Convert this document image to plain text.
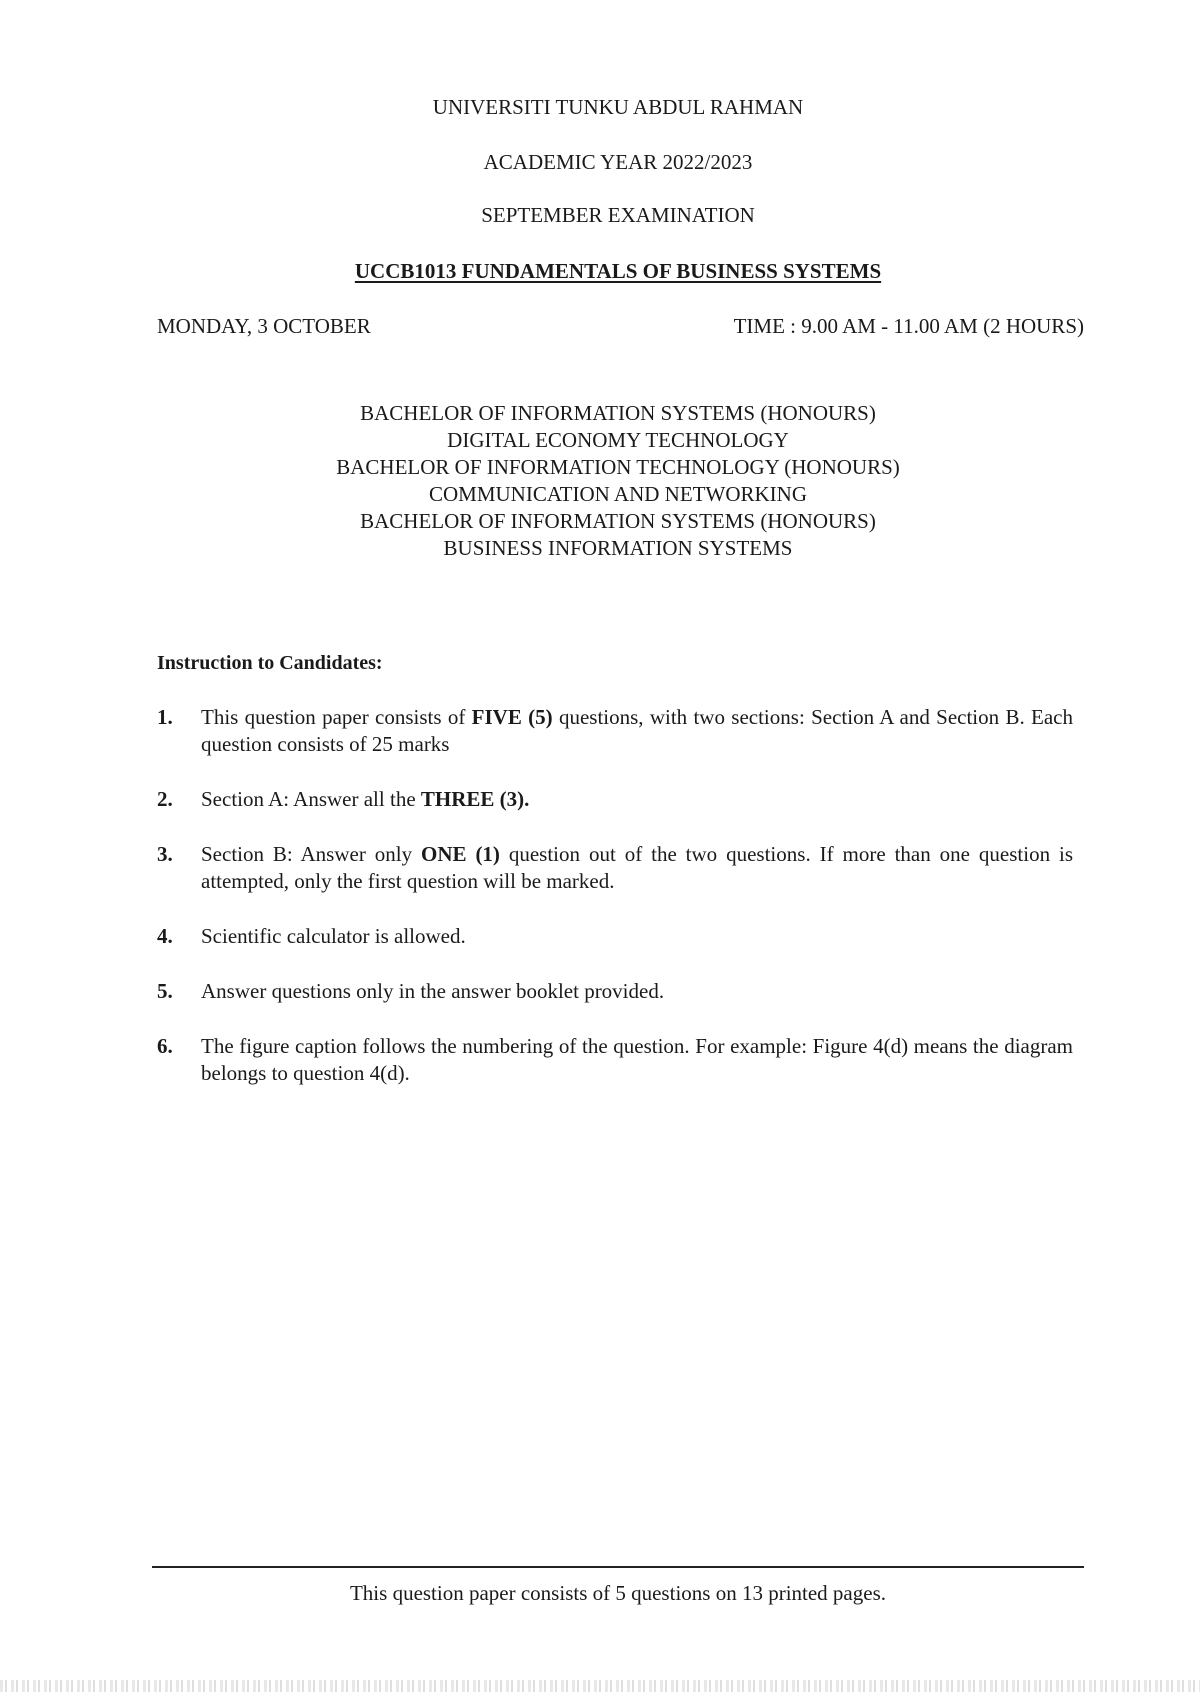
UNIVERSITI TUNKU ABDUL RAHMAN
ACADEMIC YEAR 2022/2023
SEPTEMBER EXAMINATION
UCCB1013 FUNDAMENTALS OF BUSINESS SYSTEMS
MONDAY, 3 OCTOBER	TIME : 9.00 AM - 11.00 AM (2 HOURS)
BACHELOR OF INFORMATION SYSTEMS (HONOURS)
DIGITAL ECONOMY TECHNOLOGY
BACHELOR OF INFORMATION TECHNOLOGY (HONOURS)
COMMUNICATION AND NETWORKING
BACHELOR OF INFORMATION SYSTEMS (HONOURS)
BUSINESS INFORMATION SYSTEMS
Instruction to Candidates:
1. This question paper consists of FIVE (5) questions, with two sections: Section A and Section B. Each question consists of 25 marks
2. Section A: Answer all the THREE (3).
3. Section B: Answer only ONE (1) question out of the two questions. If more than one question is attempted, only the first question will be marked.
4. Scientific calculator is allowed.
5. Answer questions only in the answer booklet provided.
6. The figure caption follows the numbering of the question. For example: Figure 4(d) means the diagram belongs to question 4(d).
This question paper consists of 5 questions on 13 printed pages.
